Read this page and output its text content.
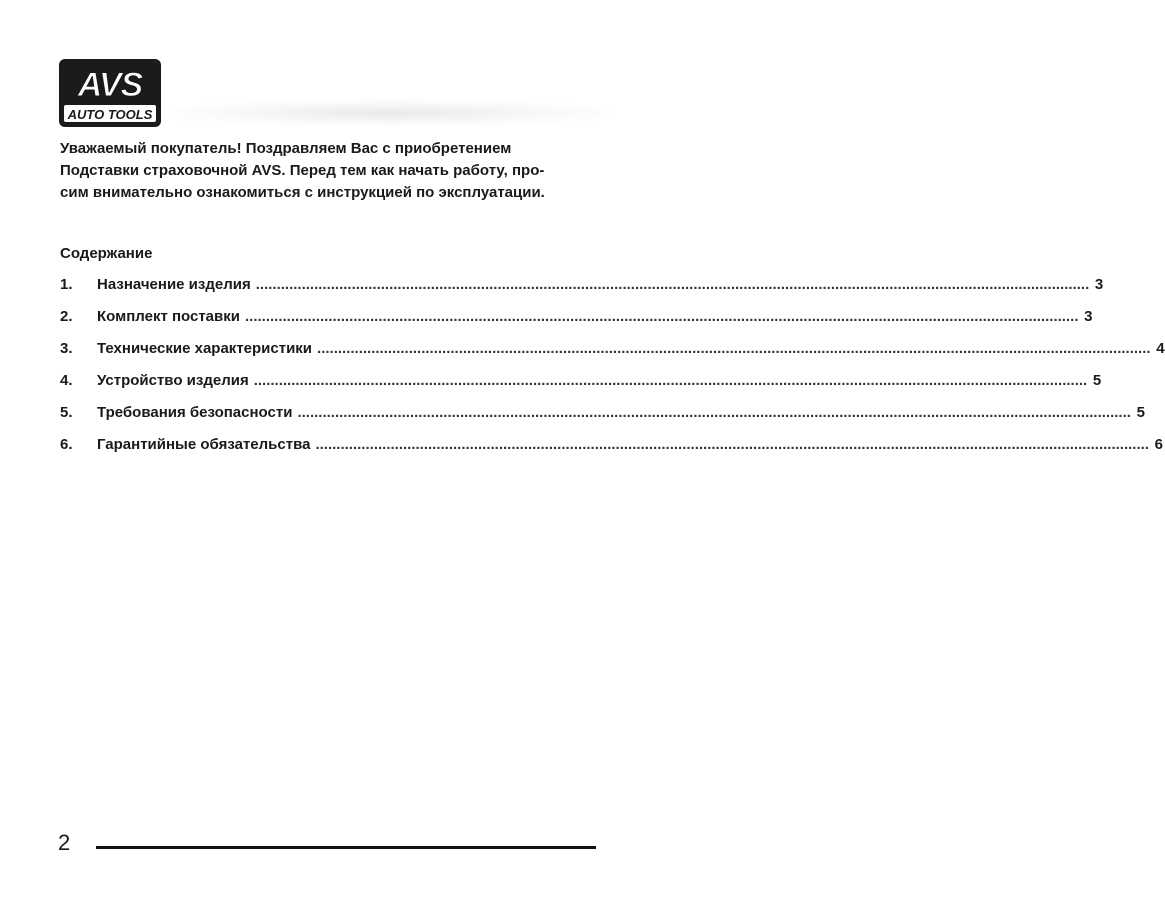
AVS
AUTO TOOLS

Уважаемый покупатель! Поздравляем Вас с приобретением
Подставки страховочной AVS. Перед тем как начать работу, про-
сим внимательно ознакомиться с инструкцией по эксплуатации.

Содержание
1.	Назначение изделия ........................................................................................................................................................................................................ 3
2.	Комплект поставки ........................................................................................................................................................................................................ 3
3.	Технические характеристики ........................................................................................................................................................................................................ 4
4.	Устройство изделия ........................................................................................................................................................................................................ 5
5.	Требования безопасности ........................................................................................................................................................................................................ 5
6.	Гарантийные обязательства ........................................................................................................................................................................................................ 6

2
